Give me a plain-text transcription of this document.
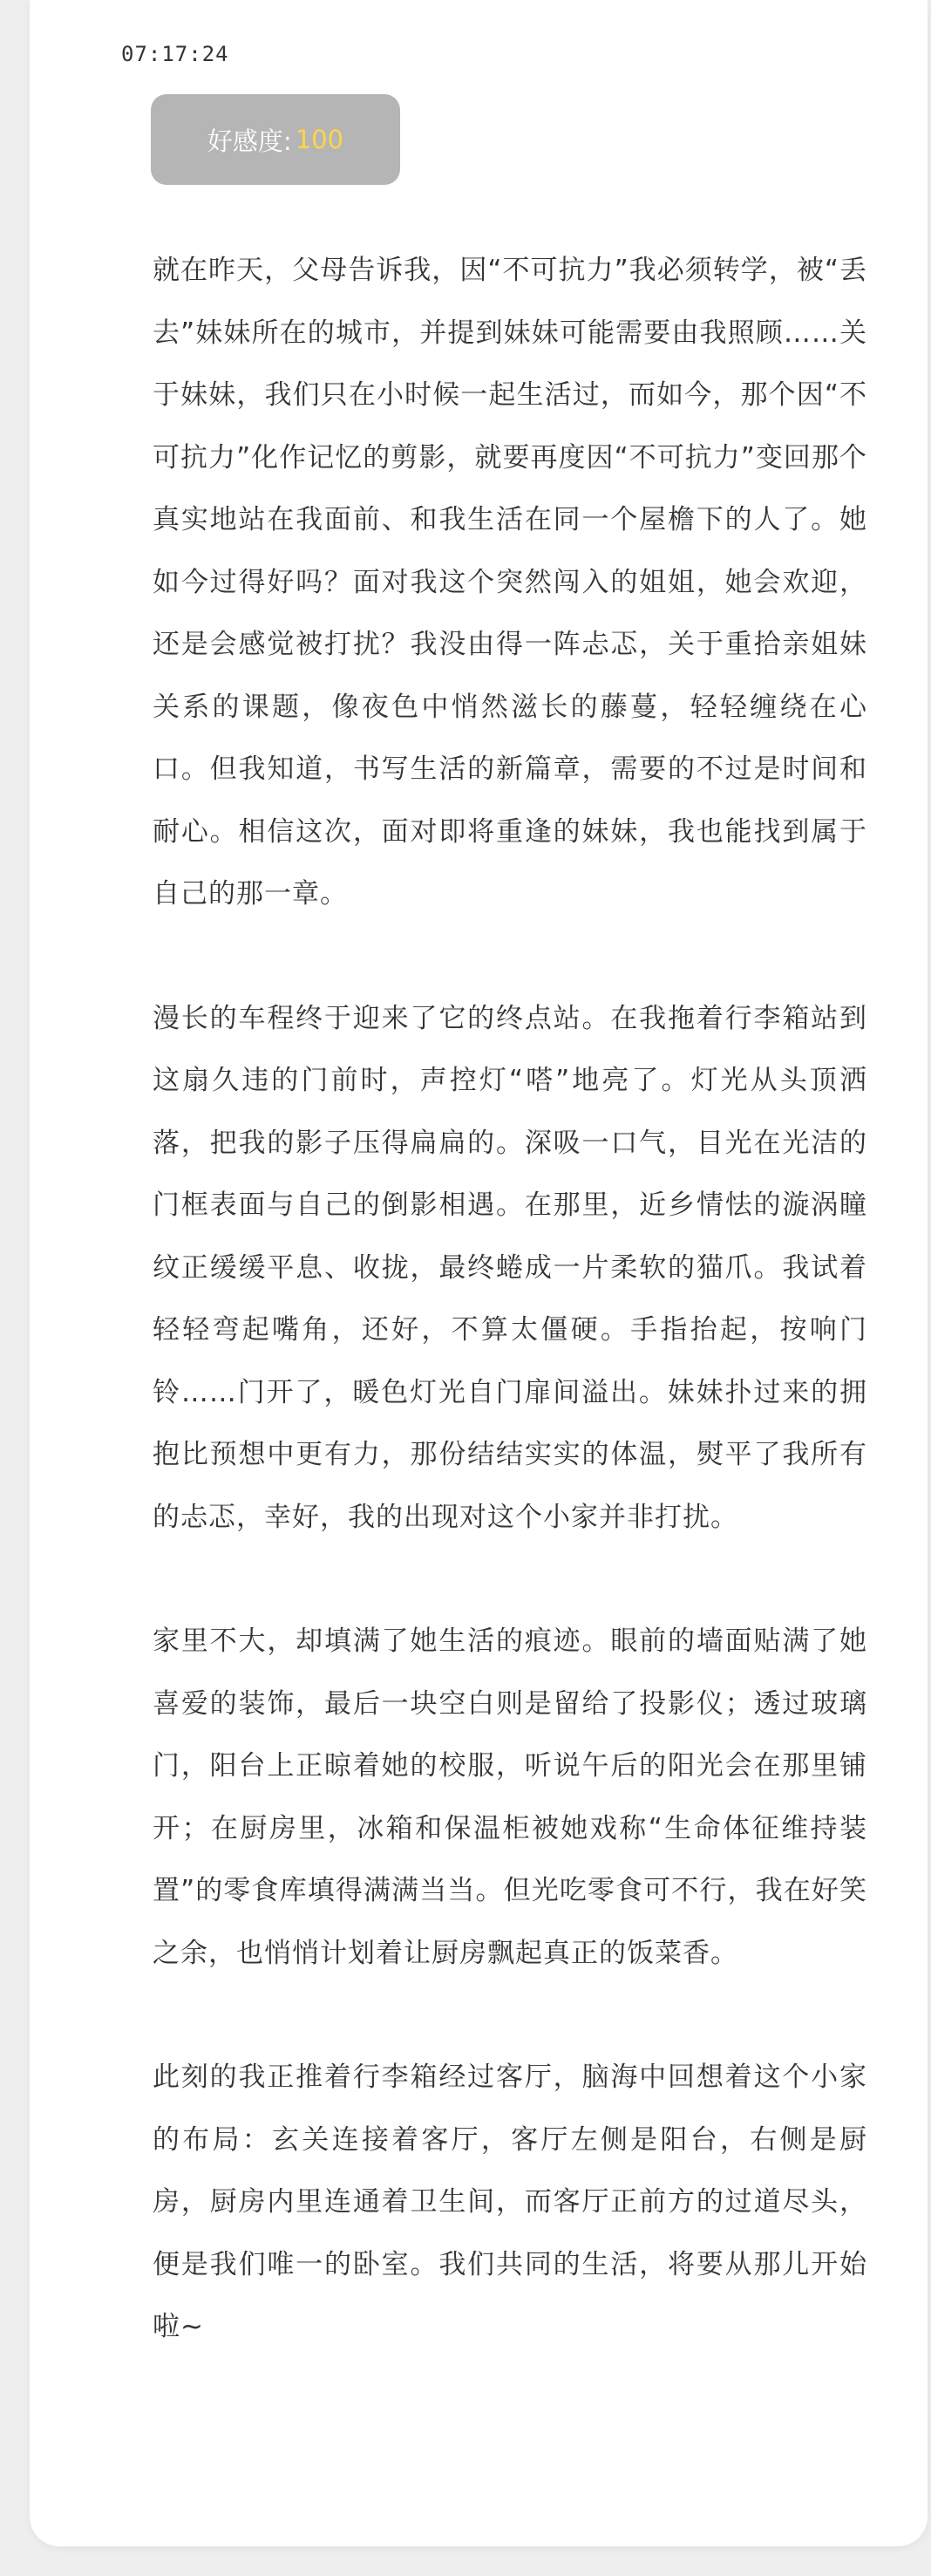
07:17:24
好感度: 100

就在昨天，父母告诉我，因“不可抗力”我必须转学，被“丢去”妹妹所在的城市，并提到妹妹可能需要由我照顾……关于妹妹，我们只在小时候一起生活过，而如今，那个因“不可抗力”化作记忆的剪影，就要再度因“不可抗力”变回那个真实地站在我面前、和我生活在同一个屋檐下的人了。她如今过得好吗？面对我这个突然闯入的姐姐，她会欢迎，还是会感觉被打扰？我没由得一阵忐忑，关于重拾亲姐妹关系的课题，像夜色中悄然滋长的藤蔓，轻轻缠绕在心口。但我知道，书写生活的新篇章，需要的不过是时间和耐心。相信这次，面对即将重逢的妹妹，我也能找到属于自己的那一章。

漫长的车程终于迎来了它的终点站。在我拖着行李箱站到这扇久违的门前时，声控灯“嗒”地亮了。灯光从头顶洒落，把我的影子压得扁扁的。深吸一口气，目光在光洁的门框表面与自己的倒影相遇。在那里，近乡情怯的漩涡瞳纹正缓缓平息、收拢，最终蜷成一片柔软的猫爪。我试着轻轻弯起嘴角，还好，不算太僵硬。手指抬起，按响门铃……门开了，暖色灯光自门扉间溢出。妹妹扑过来的拥抱比预想中更有力，那份结结实实的体温，熨平了我所有的忐忑，幸好，我的出现对这个小家并非打扰。

家里不大，却填满了她生活的痕迹。眼前的墙面贴满了她喜爱的装饰，最后一块空白则是留给了投影仪；透过玻璃门，阳台上正晾着她的校服，听说午后的阳光会在那里铺开；在厨房里，冰箱和保温柜被她戏称“生命体征维持装置”的零食库填得满满当当。但光吃零食可不行，我在好笑之余，也悄悄计划着让厨房飘起真正的饭菜香。

此刻的我正推着行李箱经过客厅，脑海中回想着这个小家的布局：玄关连接着客厅，客厅左侧是阳台，右侧是厨房，厨房内里连通着卫生间，而客厅正前方的过道尽头，便是我们唯一的卧室。我们共同的生活，将要从那儿开始啦~
